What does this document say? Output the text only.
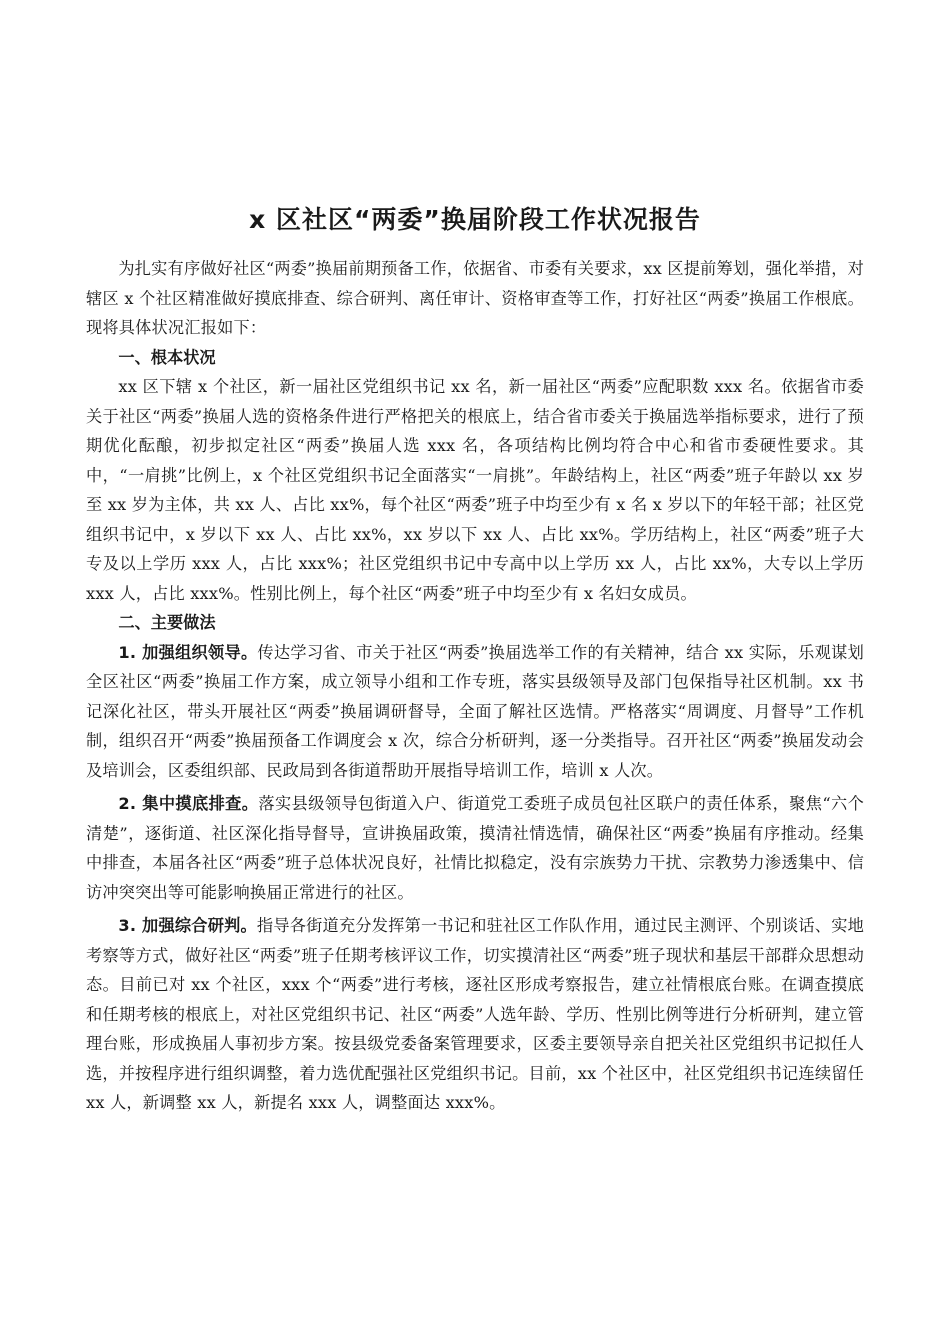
x 区社区“两委”换届阶段工作状况报告

为扎实有序做好社区“两委”换届前期预备工作，依据省、市委有关要求，xx 区提前筹划，强化举措，对辖区 x 个社区精准做好摸底排查、综合研判、离任审计、资格审查等工作，打好社区“两委”换届工作根底。现将具体状况汇报如下：

一、根本状况

xx 区下辖 x 个社区，新一届社区党组织书记 xx 名，新一届社区“两委”应配职数 xxx 名。依据省市委关于社区“两委”换届人选的资格条件进行严格把关的根底上，结合省市委关于换届选举指标要求，进行了预期优化酝酿，初步拟定社区“两委”换届人选 xxx 名，各项结构比例均符合中心和省市委硬性要求。其中，“一肩挑”比例上，x 个社区党组织书记全面落实“一肩挑”。年龄结构上，社区“两委”班子年龄以 xx 岁至 xx 岁为主体，共 xx 人、占比 xx%，每个社区“两委”班子中均至少有 x 名 x 岁以下的年轻干部；社区党组织书记中，x 岁以下 xx 人、占比 xx%，xx 岁以下 xx 人、占比 xx%。学历结构上，社区“两委”班子大专及以上学历 xxx 人，占比 xxx%；社区党组织书记中专高中以上学历 xx 人，占比 xx%，大专以上学历 xxx 人，占比 xxx%。性别比例上，每个社区“两委”班子中均至少有 x 名妇女成员。

二、主要做法

1. 加强组织领导。传达学习省、市关于社区“两委”换届选举工作的有关精神，结合 xx 实际，乐观谋划全区社区“两委”换届工作方案，成立领导小组和工作专班，落实县级领导及部门包保指导社区机制。xx 书记深化社区，带头开展社区“两委”换届调研督导，全面了解社区选情。严格落实“周调度、月督导”工作机制，组织召开“两委”换届预备工作调度会 x 次，综合分析研判，逐一分类指导。召开社区“两委”换届发动会及培训会，区委组织部、民政局到各街道帮助开展指导培训工作，培训 x 人次。

2. 集中摸底排查。落实县级领导包街道入户、街道党工委班子成员包社区联户的责任体系，聚焦“六个清楚”，逐街道、社区深化指导督导，宣讲换届政策，摸清社情选情，确保社区“两委”换届有序推动。经集中排查，本届各社区“两委”班子总体状况良好，社情比拟稳定，没有宗族势力干扰、宗教势力渗透集中、信访冲突突出等可能影响换届正常进行的社区。

3. 加强综合研判。指导各街道充分发挥第一书记和驻社区工作队作用，通过民主测评、个别谈话、实地考察等方式，做好社区“两委”班子任期考核评议工作，切实摸清社区“两委”班子现状和基层干部群众思想动态。目前已对 xx 个社区，xxx 个“两委”进行考核，逐社区形成考察报告，建立社情根底台账。在调查摸底和任期考核的根底上，对社区党组织书记、社区“两委”人选年龄、学历、性别比例等进行分析研判，建立管理台账，形成换届人事初步方案。按县级党委备案管理要求，区委主要领导亲自把关社区党组织书记拟任人选，并按程序进行组织调整，着力选优配强社区党组织书记。目前，xx 个社区中，社区党组织书记连续留任 xx 人，新调整 xx 人，新提名 xxx 人，调整面达 xxx%。
